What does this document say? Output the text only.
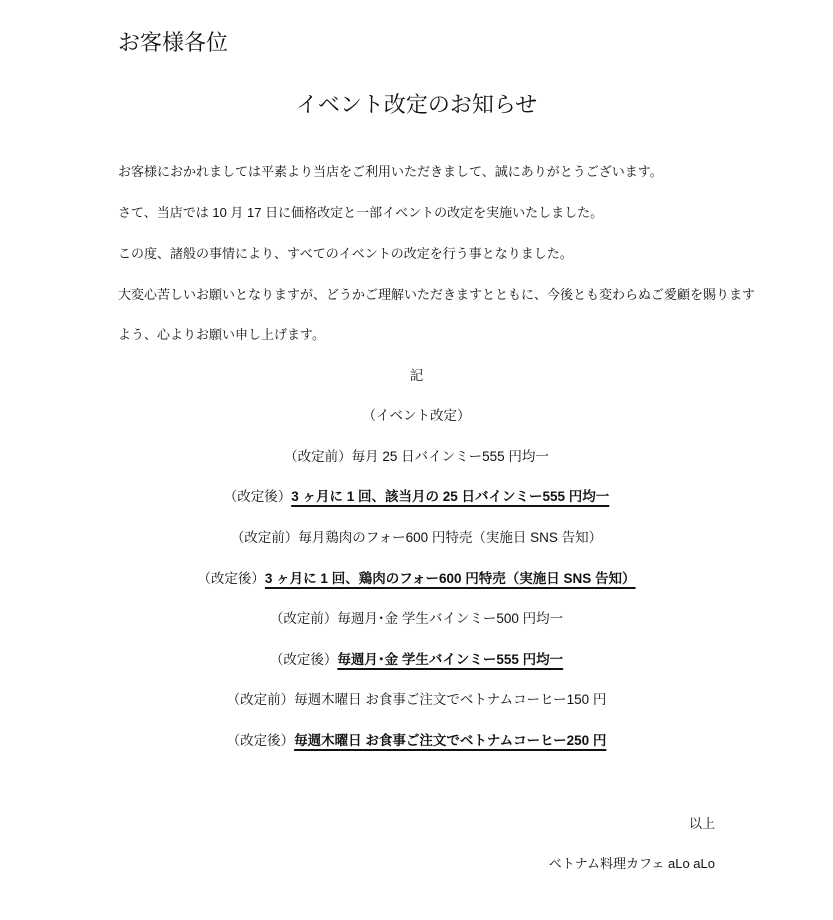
お客様各位
イベント改定のお知らせ
お客様におかれましては平素より当店をご利用いただきまして、誠にありがとうございます。
さて、当店では 10 月 17 日に価格改定と一部イベントの改定を実施いたしました。
この度、諸般の事情により、すべてのイベントの改定を行う事となりました。
大変心苦しいお願いとなりますが、どうかご理解いただきますとともに、今後とも変わらぬご愛顧を賜ります
よう、心よりお願い申し上げます。
記
（イベント改定）
（改定前）毎月 25 日バインミー555 円均一
（改定後）3 ヶ月に 1 回、該当月の 25 日バインミー555 円均一
（改定前）毎月鶏肉のフォー600 円特売（実施日 SNS 告知）
（改定後）3 ヶ月に 1 回、鶏肉のフォー600 円特売（実施日 SNS 告知）
（改定前）毎週月･金 学生バインミー500 円均一
（改定後）毎週月･金 学生バインミー555 円均一
（改定前）毎週木曜日 お食事ご注文でベトナムコーヒー150 円
（改定後）毎週木曜日 お食事ご注文でベトナムコーヒー250 円
以上
ベトナム料理カフェ aLo aLo
